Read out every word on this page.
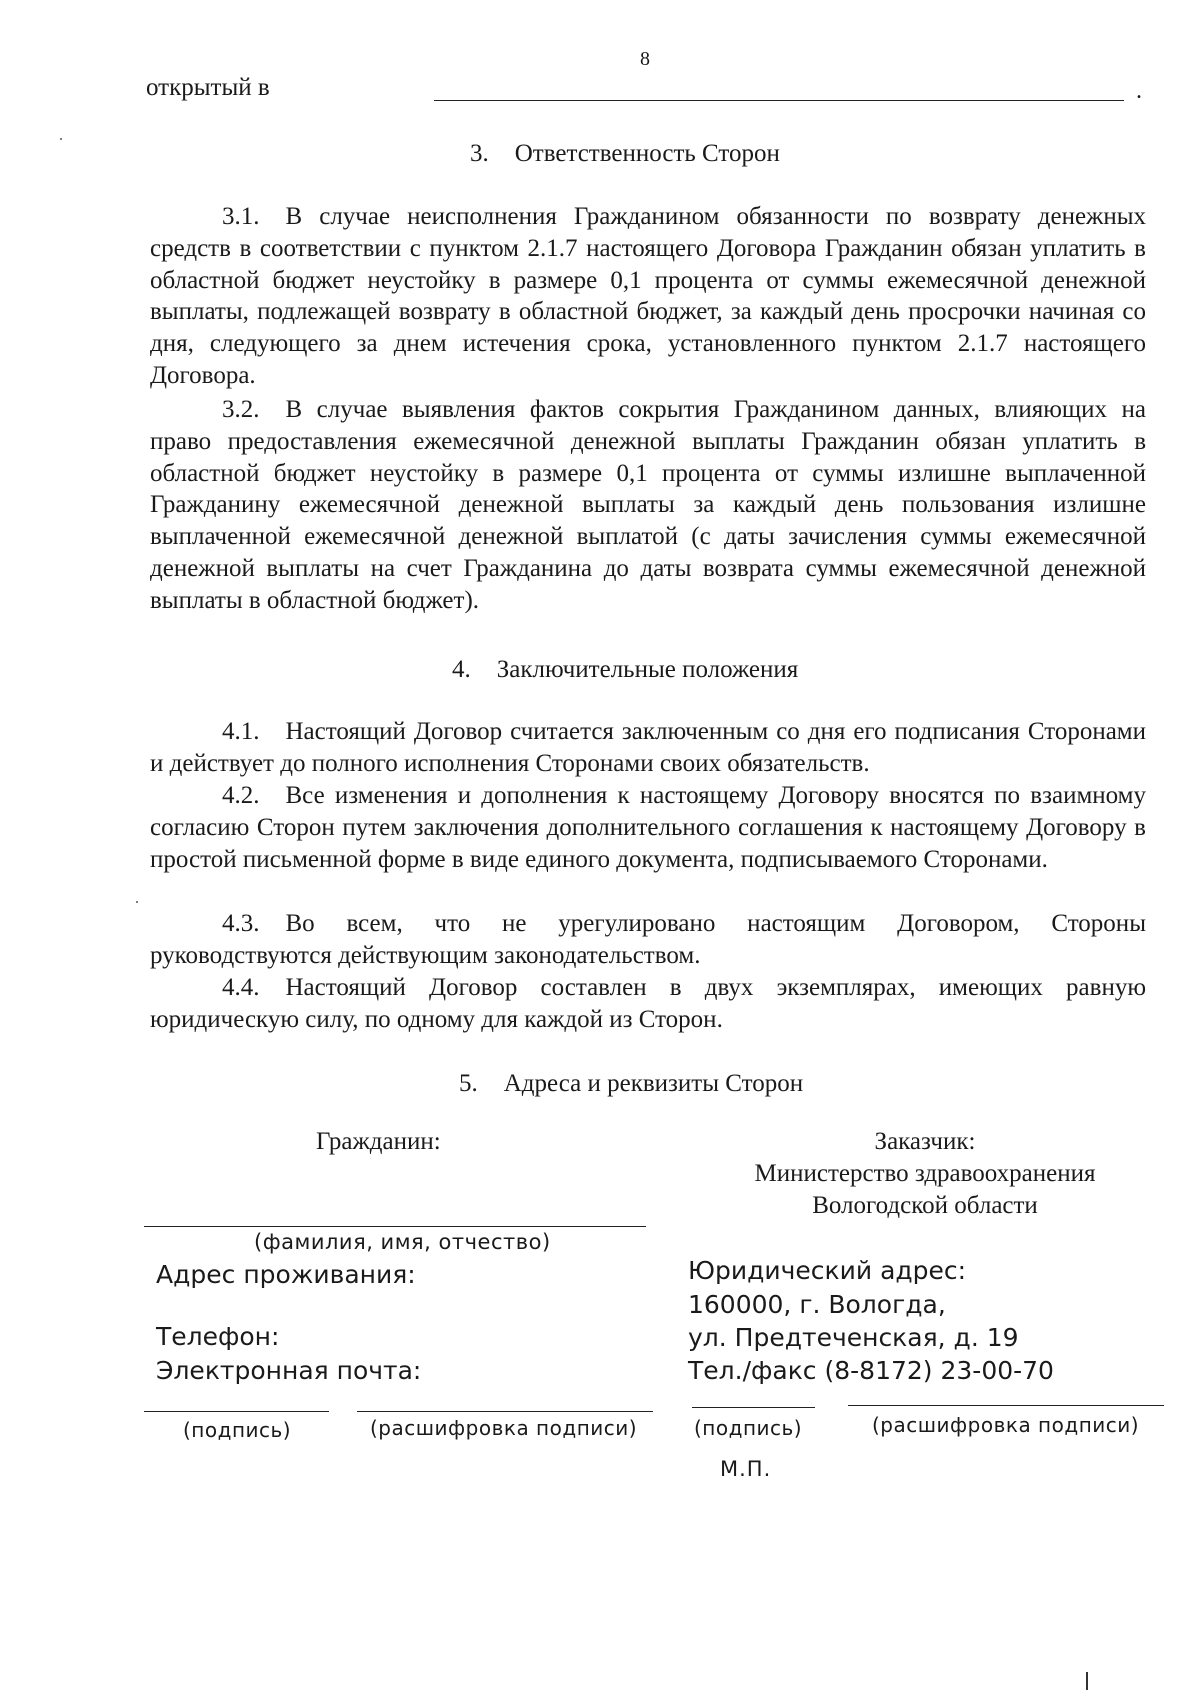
8
открытый в	.
3. Ответственность Сторон
3.1. В случае неисполнения Гражданином обязанности по возврату денежных средств в соответствии с пунктом 2.1.7 настоящего Договора Гражданин обязан уплатить в областной бюджет неустойку в размере 0,1 процента от суммы ежемесячной денежной выплаты, подлежащей возврату в областной бюджет, за каждый день просрочки начиная со дня, следующего за днем истечения срока, установленного пунктом 2.1.7 настоящего Договора.
3.2. В случае выявления фактов сокрытия Гражданином данных, влияющих на право предоставления ежемесячной денежной выплаты Гражданин обязан уплатить в областной бюджет неустойку в размере 0,1 процента от суммы излишне выплаченной Гражданину ежемесячной денежной выплаты за каждый день пользования излишне выплаченной ежемесячной денежной выплатой (с даты зачисления суммы ежемесячной денежной выплаты на счет Гражданина до даты возврата суммы ежемесячной денежной выплаты в областной бюджет).
4. Заключительные положения
4.1. Настоящий Договор считается заключенным со дня его подписания Сторонами и действует до полного исполнения Сторонами своих обязательств.
4.2. Все изменения и дополнения к настоящему Договору вносятся по взаимному согласию Сторон путем заключения дополнительного соглашения к настоящему Договору в простой письменной форме в виде единого документа, подписываемого Сторонами.
4.3. Во всем, что не урегулировано настоящим Договором, Стороны руководствуются действующим законодательством.
4.4. Настоящий Договор составлен в двух экземплярах, имеющих равную юридическую силу, по одному для каждой из Сторон.
5. Адреса и реквизиты Сторон
Гражданин:	Заказчик:
Министерство здравоохранения
Вологодской области
(фамилия, имя, отчество)
Адрес проживания:
Телефон:
Электронная почта:
Юридический адрес:
160000, г. Вологда,
ул. Предтеченская, д. 19
Тел./факс (8-8172) 23-00-70
(подпись)	(расшифровка подписи)	(подпись)	(расшифровка подписи)
М.П.
